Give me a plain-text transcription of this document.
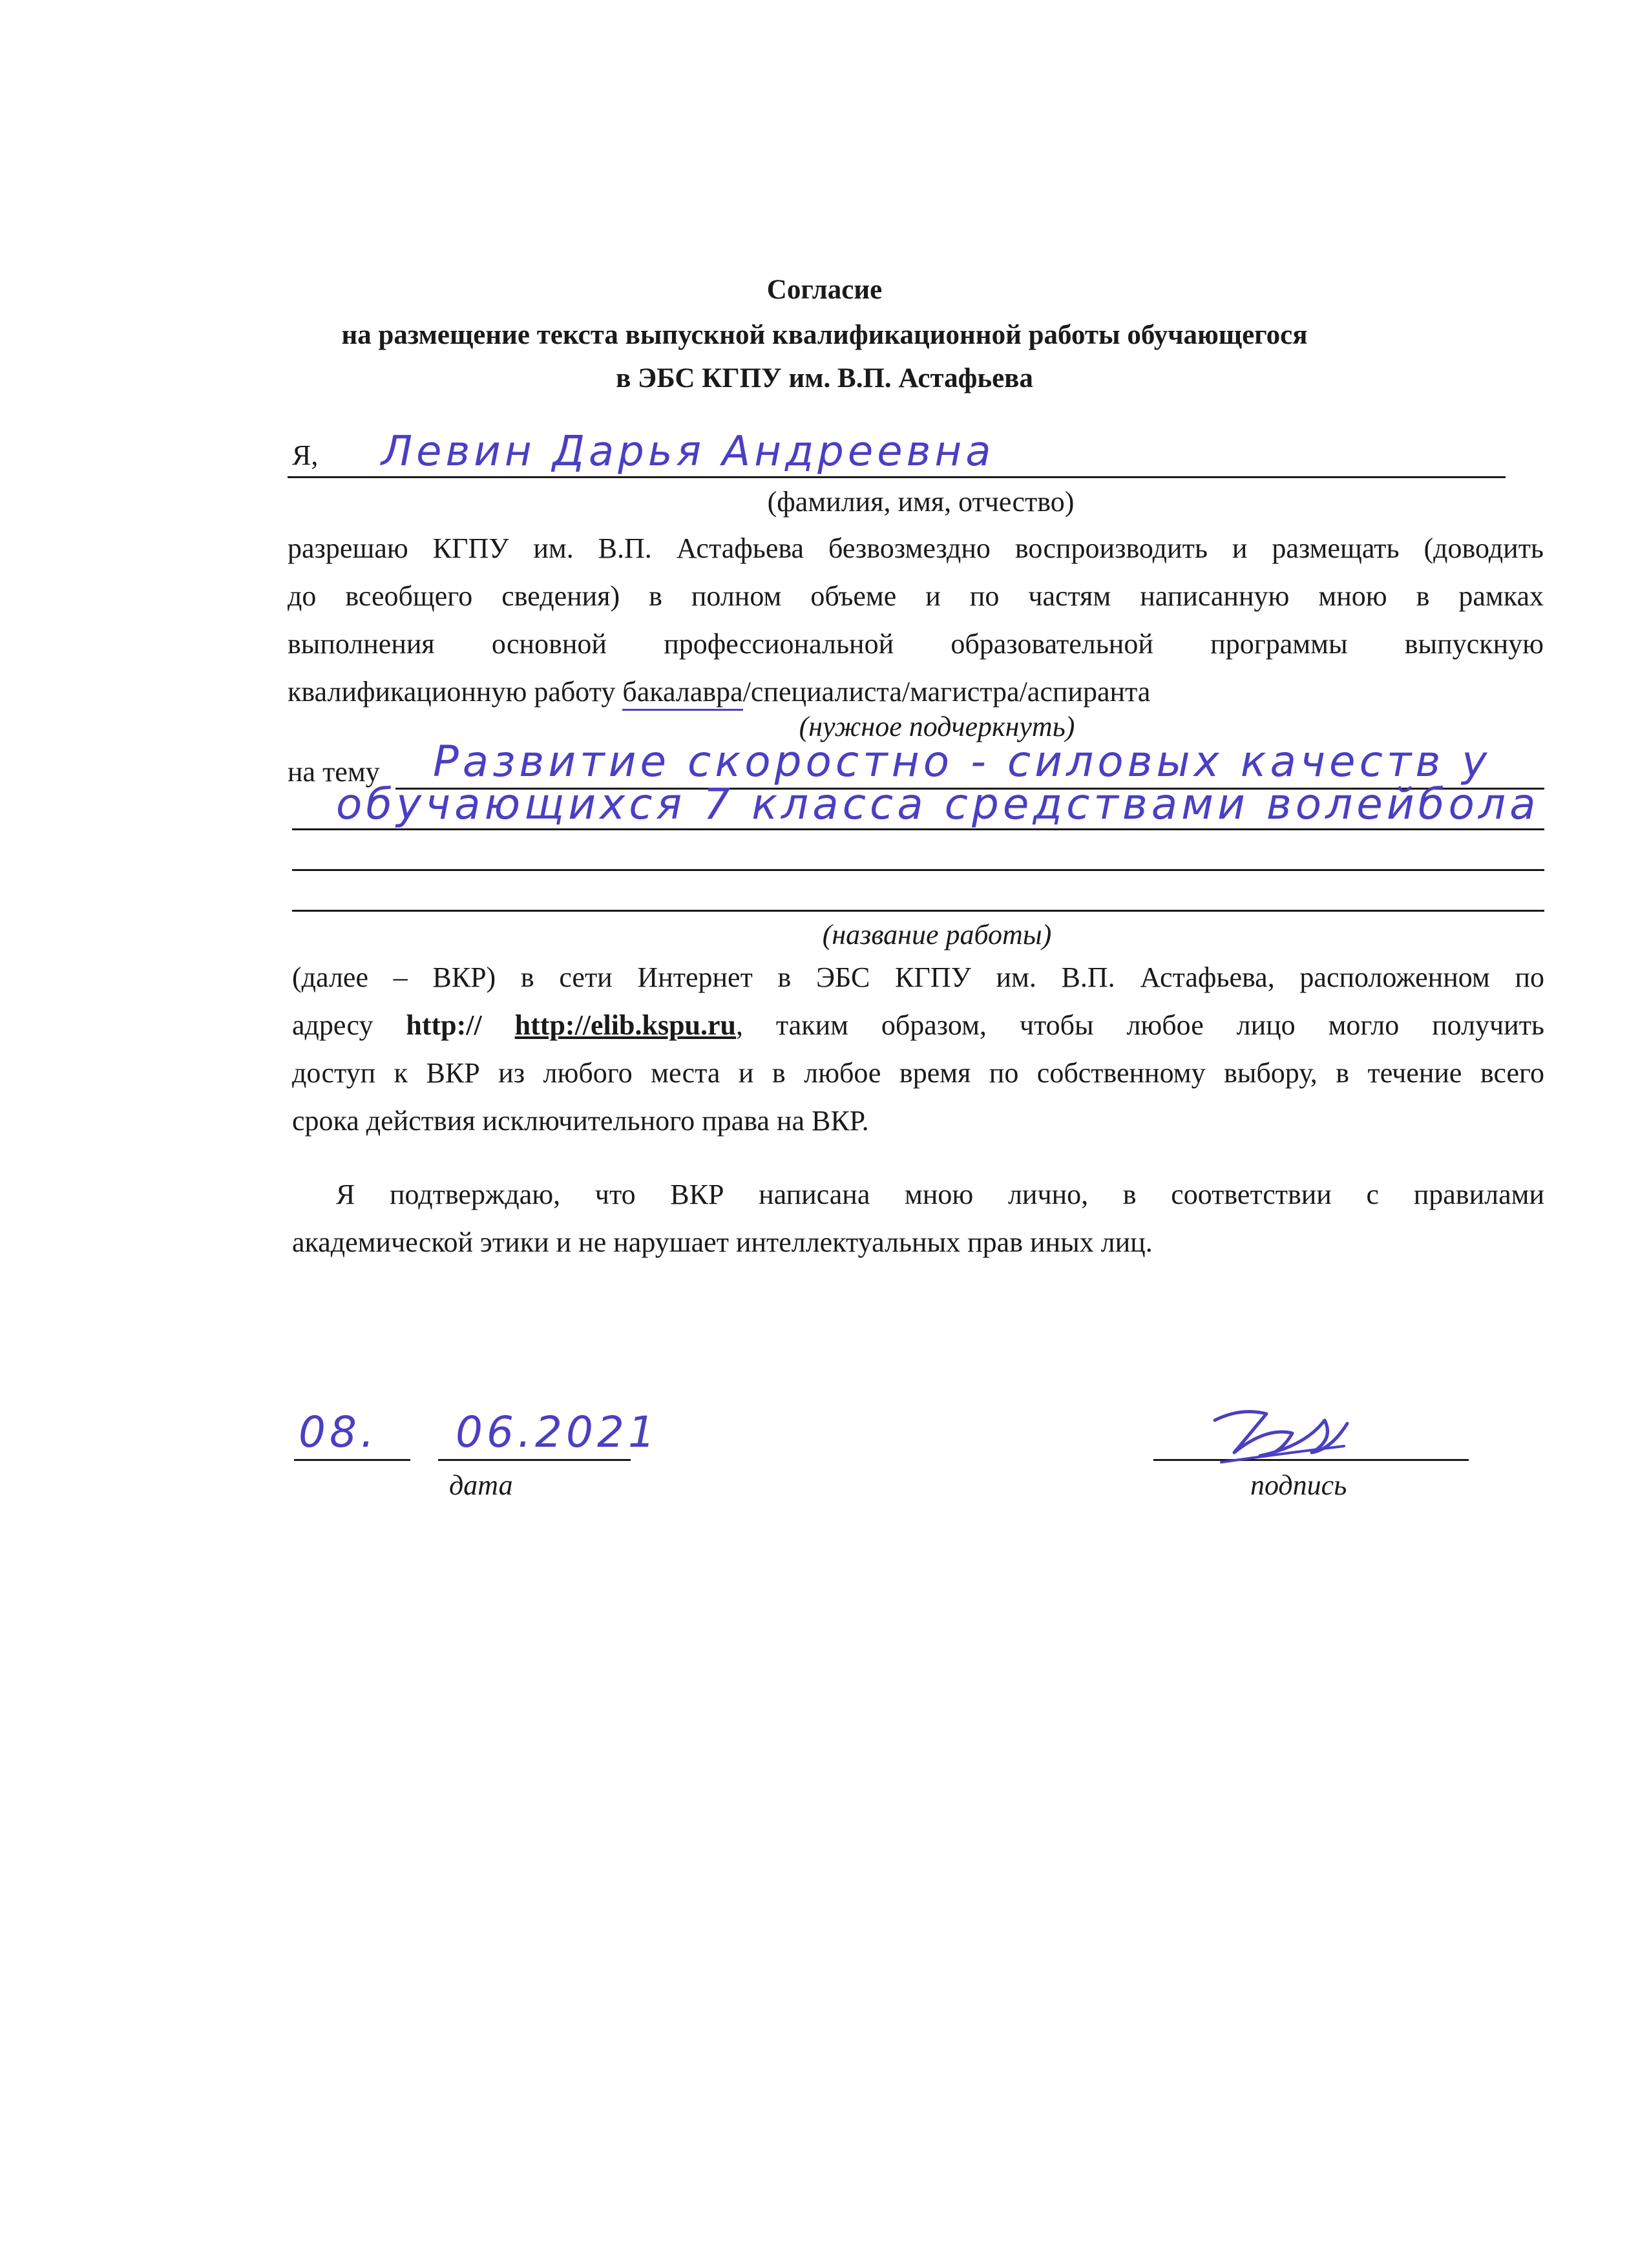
Согласие
на размещение текста выпускной квалификационной работы обучающегося
в ЭБС КГПУ им. В.П. Астафьева
Я, Левин Дарья Андреевна
(фамилия, имя, отчество)
разрешаю КГПУ им. В.П. Астафьева безвозмездно воспроизводить и размещать (доводить
до всеобщего сведения) в полном объеме и по частям написанную мною в рамках
выполнения основной профессиональной образовательной программы выпускную
квалификационную работу бакалавра/специалиста/магистра/аспиранта
(нужное подчеркнуть)
на тему Развитие скоростно - силовых качеств у
обучающихся 7 класса средствами волейбола
(название работы)
(далее – ВКР) в сети Интернет в ЭБС КГПУ им. В.П. Астафьева, расположенном по
адресу http:// http://elib.kspu.ru, таким образом, чтобы любое лицо могло получить
доступ к ВКР из любого места и в любое время по собственному выбору, в течение всего
срока действия исключительного права на ВКР.
Я подтверждаю, что ВКР написана мною лично, в соответствии с правилами
академической этики и не нарушает интеллектуальных прав иных лиц.
08. 06.2021
дата	подпись
